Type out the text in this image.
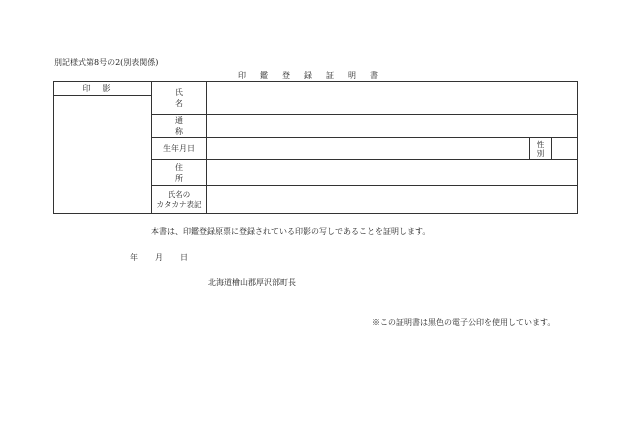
別記様式第8号の2(別表関係)
印 鑑 登 録 証 明 書
印影	氏名			

	通称			
	生年月日		性別	

	住所			

	氏名の
カタカナ表記			

本書は、印鑑登録原票に登録されている印影の写しであることを証明します。
年 月 日
北海道檜山郡厚沢部町長
※この証明書は黒色の電子公印を使用しています。
